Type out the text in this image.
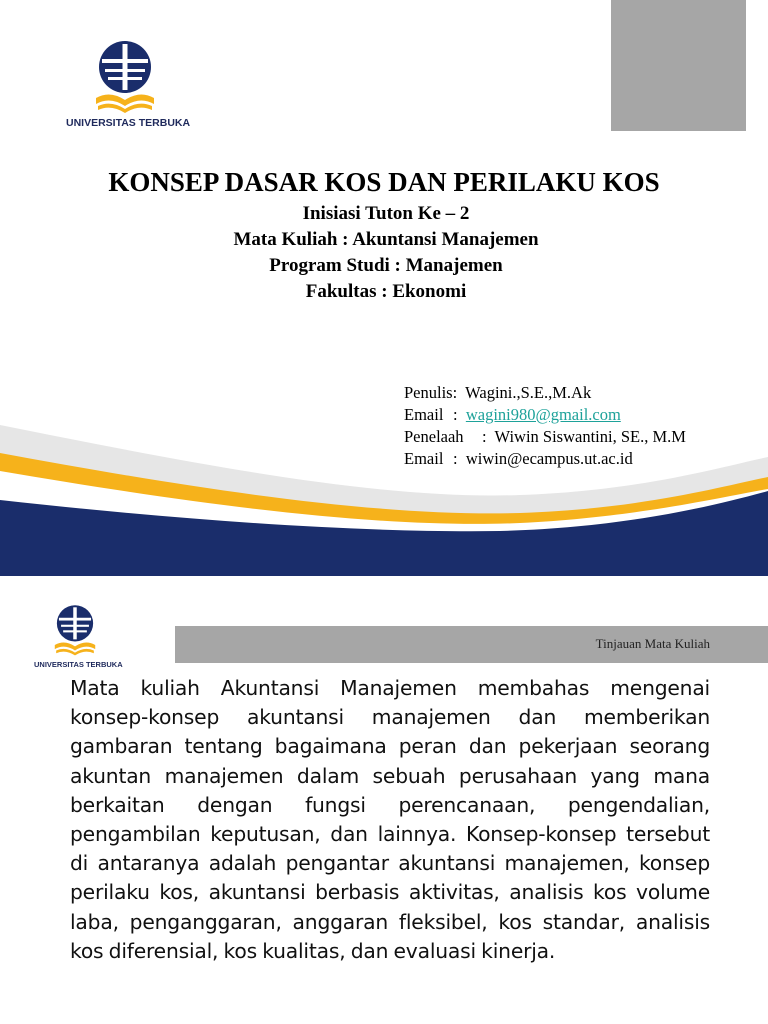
UNIVERSITAS TERBUKA
KONSEP DASAR KOS DAN PERILAKU KOS
Inisiasi Tuton Ke – 2
Mata Kuliah : Akuntansi Manajemen
Program Studi : Manajemen
Fakultas : Ekonomi
Penulis: Wagini.,S.E.,M.Ak
Email : wagini980@gmail.com
Penelaah : Wiwin Siswantini, SE., M.M
Email : wiwin@ecampus.ut.ac.id
UNIVERSITAS TERBUKA
Tinjauan Mata Kuliah
Mata kuliah Akuntansi Manajemen membahas mengenai konsep-konsep akuntansi manajemen dan memberikan gambaran tentang bagaimana peran dan pekerjaan seorang akuntan manajemen dalam sebuah perusahaan yang mana berkaitan dengan fungsi perencanaan, pengendalian, pengambilan keputusan, dan lainnya. Konsep-konsep tersebut di antaranya adalah pengantar akuntansi manajemen, konsep perilaku kos, akuntansi berbasis aktivitas, analisis kos volume laba, penganggaran, anggaran fleksibel, kos standar, analisis kos diferensial, kos kualitas, dan evaluasi kinerja.
